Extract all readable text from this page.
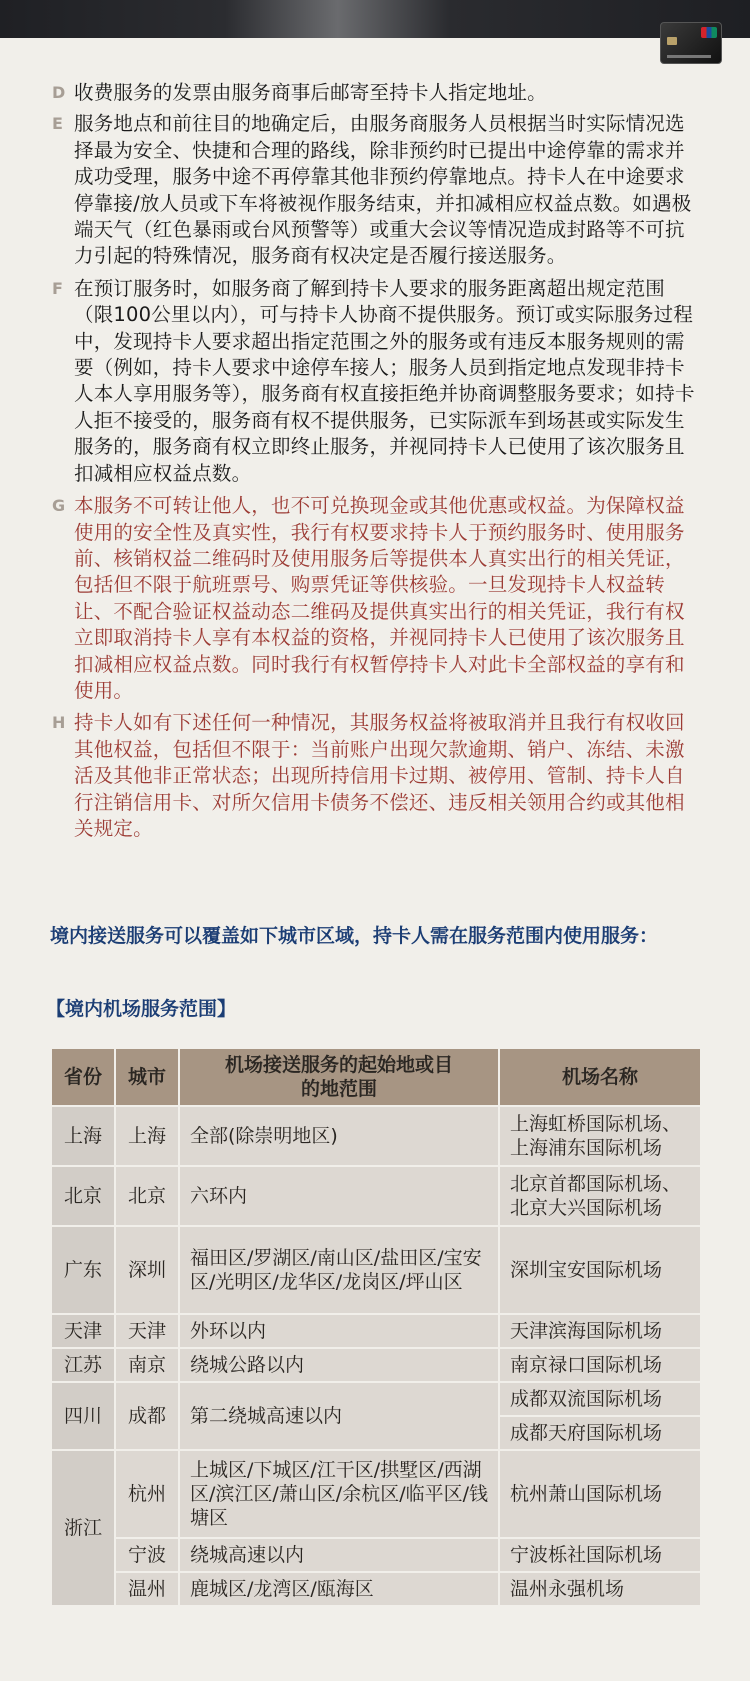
D 收费服务的发票由服务商事后邮寄至持卡人指定地址。
E 服务地点和前往目的地确定后，由服务商服务人员根据当时实际情况选择最为安全、快捷和合理的路线，除非预约时已提出中途停靠的需求并成功受理，服务中途不再停靠其他非预约停靠地点。持卡人在中途要求停靠接/放人员或下车将被视作服务结束，并扣减相应权益点数。如遇极端天气（红色暴雨或台风预警等）或重大会议等情况造成封路等不可抗力引起的特殊情况，服务商有权决定是否履行接送服务。
F 在预订服务时，如服务商了解到持卡人要求的服务距离超出规定范围（限100公里以内），可与持卡人协商不提供服务。预订或实际服务过程中，发现持卡人要求超出指定范围之外的服务或有违反本服务规则的需要（例如，持卡人要求中途停车接人；服务人员到指定地点发现非持卡人本人享用服务等），服务商有权直接拒绝并协商调整服务要求；如持卡人拒不接受的，服务商有权不提供服务，已实际派车到场甚或实际发生服务的，服务商有权立即终止服务，并视同持卡人已使用了该次服务且扣减相应权益点数。
G 本服务不可转让他人，也不可兑换现金或其他优惠或权益。为保障权益使用的安全性及真实性，我行有权要求持卡人于预约服务时、使用服务前、核销权益二维码时及使用服务后等提供本人真实出行的相关凭证，包括但不限于航班票号、购票凭证等供核验。一旦发现持卡人权益转让、不配合验证权益动态二维码及提供真实出行的相关凭证，我行有权立即取消持卡人享有本权益的资格，并视同持卡人已使用了该次服务且扣减相应权益点数。同时我行有权暂停持卡人对此卡全部权益的享有和使用。
H 持卡人如有下述任何一种情况，其服务权益将被取消并且我行有权收回其他权益，包括但不限于：当前账户出现欠款逾期、销户、冻结、未激活及其他非正常状态；出现所持信用卡过期、被停用、管制、持卡人自行注销信用卡、对所欠信用卡债务不偿还、违反相关领用合约或其他相关规定。
境内接送服务可以覆盖如下城市区域，持卡人需在服务范围内使用服务：
【境内机场服务范围】
省份	城市	机场接送服务的起始地或目的地范围	机场名称
上海	上海	全部(除崇明地区)	上海虹桥国际机场、上海浦东国际机场
北京	北京	六环内	北京首都国际机场、北京大兴国际机场
广东	深圳	福田区/罗湖区/南山区/盐田区/宝安区/光明区/龙华区/龙岗区/坪山区	深圳宝安国际机场
天津	天津	外环以内	天津滨海国际机场
江苏	南京	绕城公路以内	南京禄口国际机场
四川	成都	第二绕城高速以内	成都双流国际机场
			成都天府国际机场
浙江	杭州	上城区/下城区/江干区/拱墅区/西湖区/滨江区/萧山区/余杭区/临平区/钱塘区	杭州萧山国际机场
	宁波	绕城高速以内	宁波栎社国际机场
	温州	鹿城区/龙湾区/瓯海区	温州永强机场
